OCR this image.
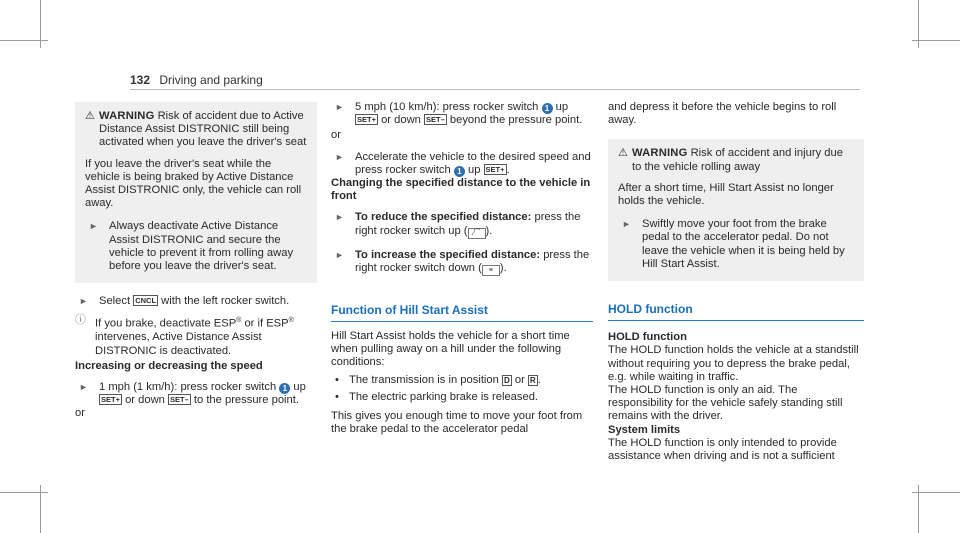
132 Driving and parking
⚠ WARNING Risk of accident due to Active Distance Assist DISTRONIC still being activated when you leave the driver's seat

If you leave the driver's seat while the vehicle is being braked by Active Distance Assist DISTRONIC only, the vehicle can roll away.

► Always deactivate Active Distance Assist DISTRONIC and secure the vehicle to prevent it from rolling away before you leave the driver's seat.
► Select CNCL with the left rocker switch.
ⓘ If you brake, deactivate ESP® or if ESP® intervenes, Active Distance Assist DISTRONIC is deactivated.
Increasing or decreasing the speed
► 1 mph (1 km/h): press rocker switch 1 up SET+ or down SET– to the pressure point.
or
► 5 mph (10 km/h): press rocker switch 1 up SET+ or down SET– beyond the pressure point.
or
► Accelerate the vehicle to the desired speed and press rocker switch 1 up SET+ .
Changing the specified distance to the vehicle in front
► To reduce the specified distance: press the right rocker switch up ( ⁄⁀ ).
► To increase the specified distance: press the right rocker switch down ( ≡ ).
Function of Hill Start Assist

Hill Start Assist holds the vehicle for a short time when pulling away on a hill under the following conditions:

• The transmission is in position D or R .
• The electric parking brake is released.

This gives you enough time to move your foot from the brake pedal to the accelerator pedal

and depress it before the vehicle begins to roll away.

⚠ WARNING Risk of accident and injury due to the vehicle rolling away

After a short time, Hill Start Assist no longer holds the vehicle.

► Swiftly move your foot from the brake pedal to the accelerator pedal. Do not leave the vehicle when it is being held by Hill Start Assist.
HOLD function
HOLD function

The HOLD function holds the vehicle at a standstill without requiring you to depress the brake pedal, e.g. while waiting in traffic.

The HOLD function is only an aid. The responsibility for the vehicle safely standing still remains with the driver.

System limits

The HOLD function is only intended to provide assistance when driving and is not a sufficient
